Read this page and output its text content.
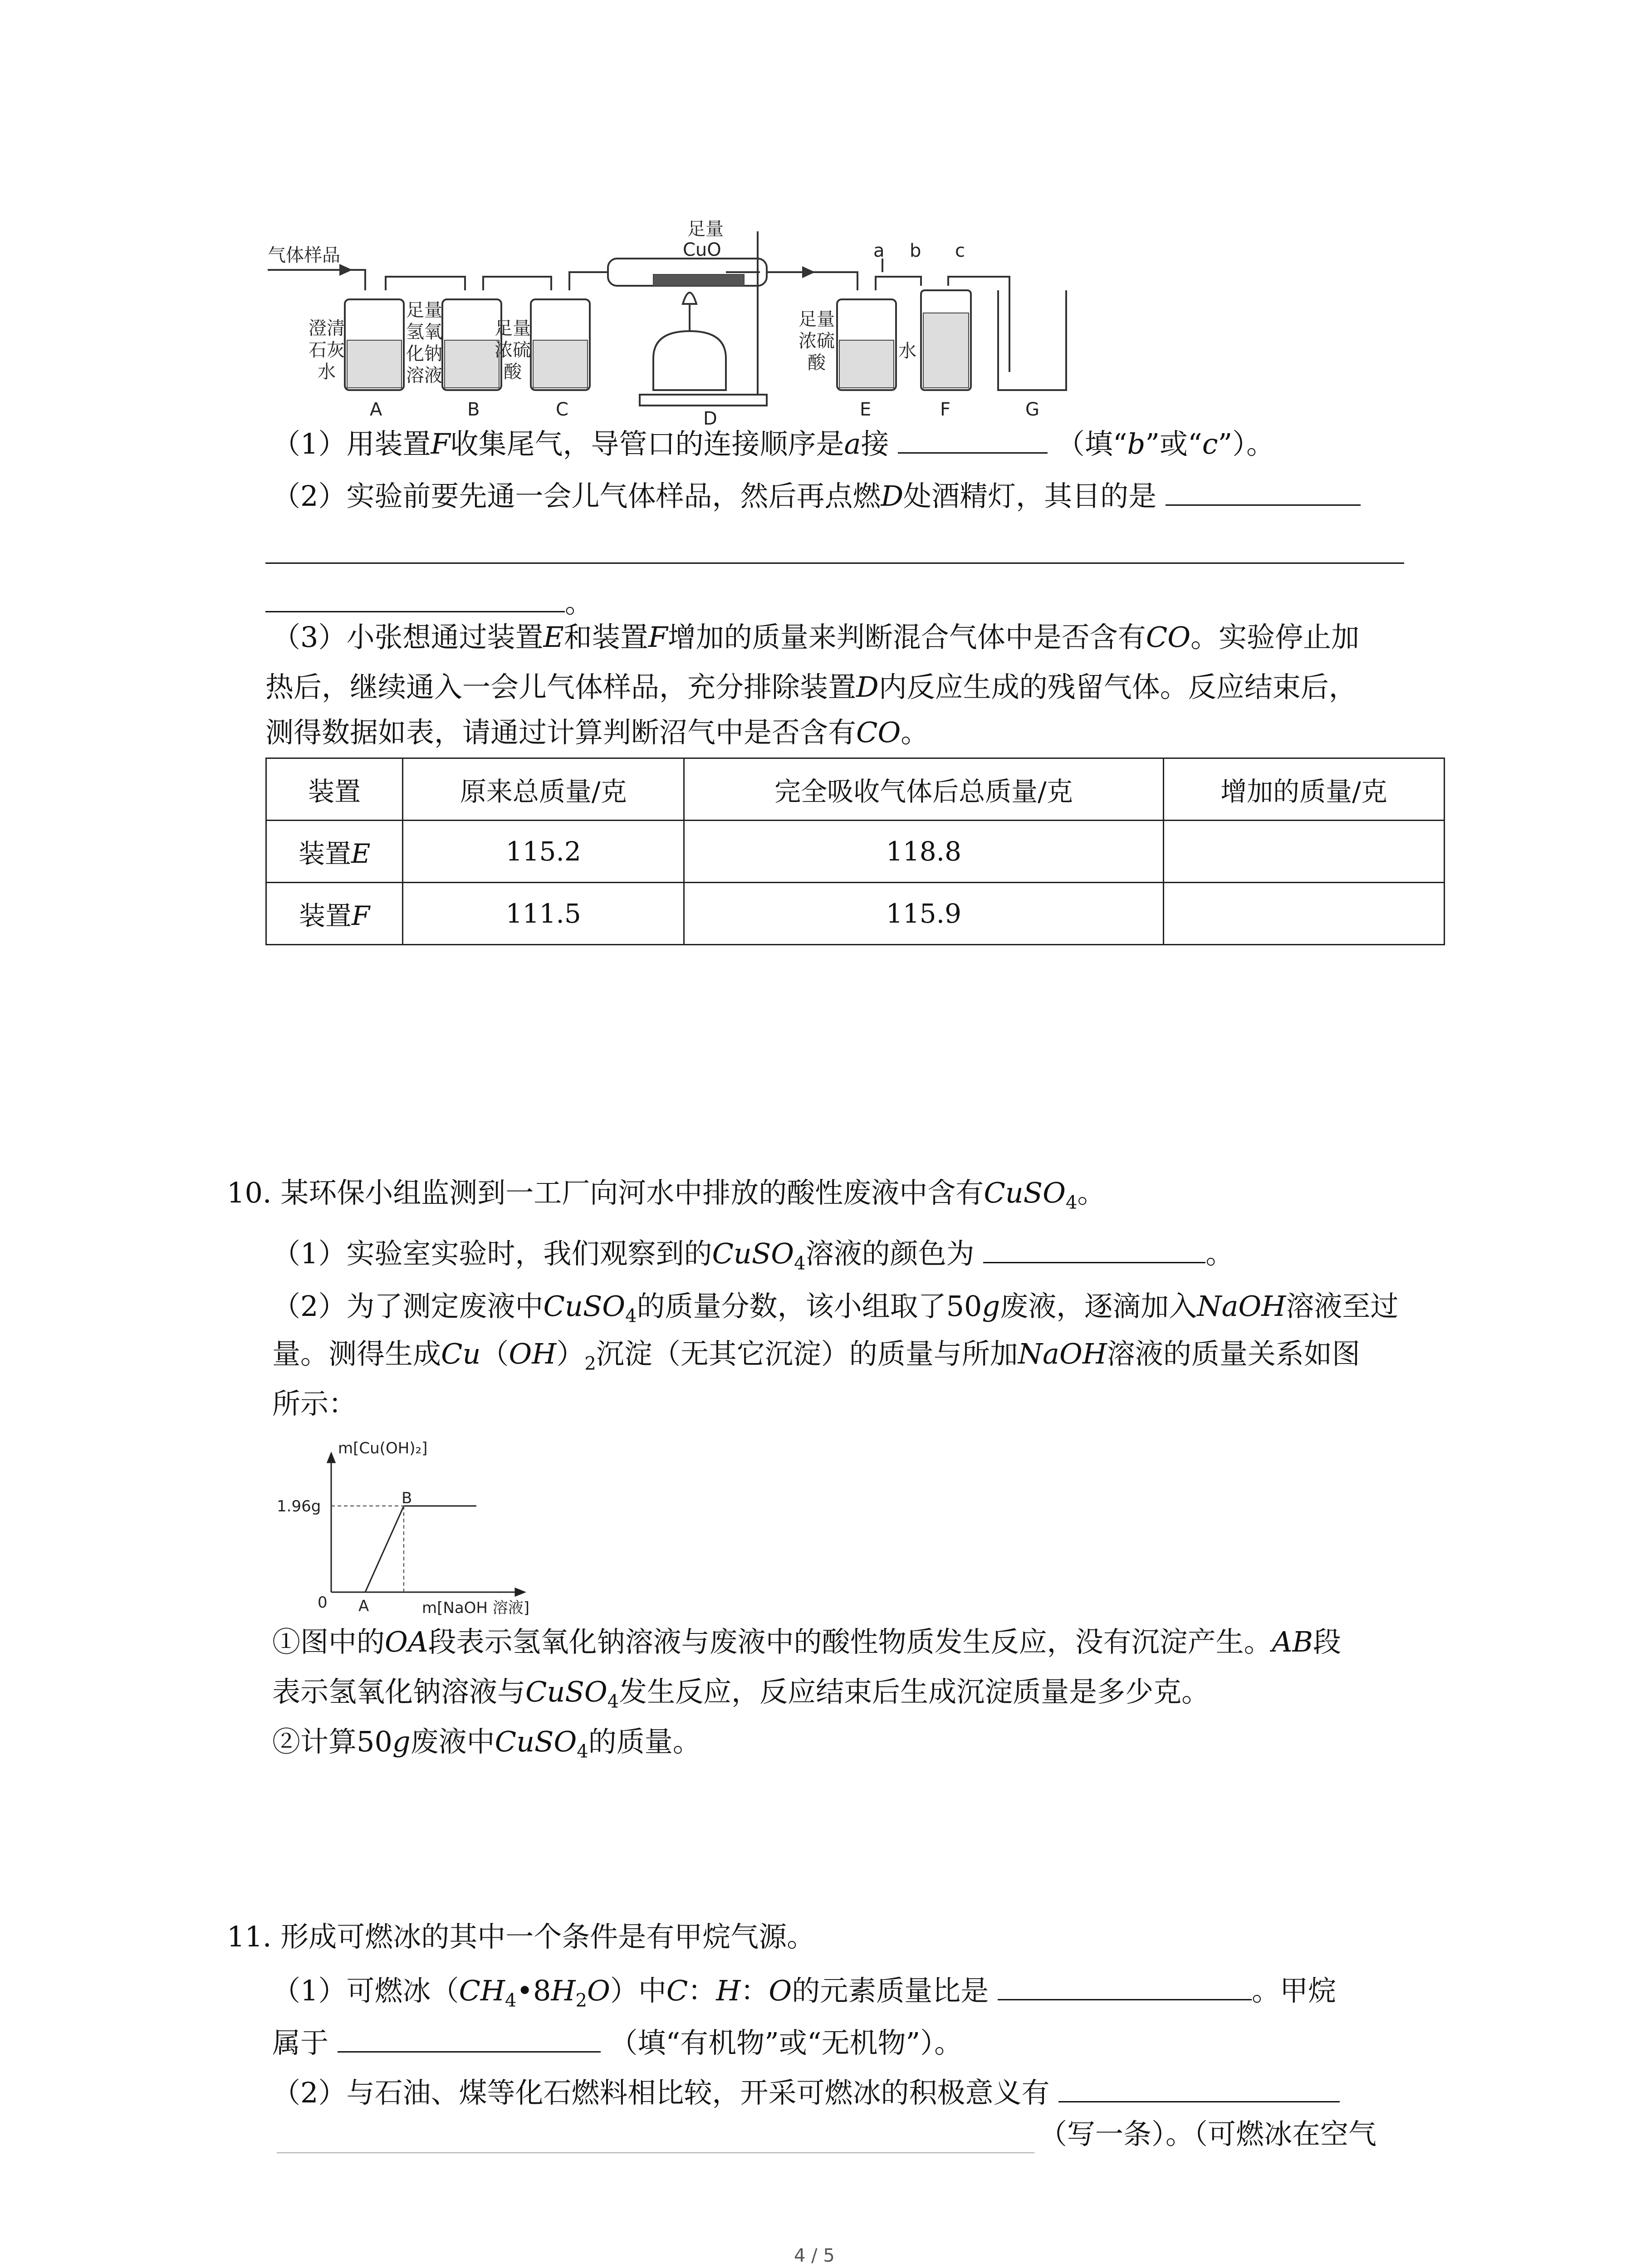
气体样品
足量
CuO	a b c
澄清
石灰
水
足量
氢氧
化钠
溶液
足量
浓硫
酸
足量
浓硫
酸
水
A	B	C	D	E	F	G
（1）用装置F收集尾气，导管口的连接顺序是a接	（填“b”或“c”）。
（2）实验前要先通一会儿气体样品，然后再点燃D处酒精灯，其目的是
。
（3）小张想通过装置E和装置F增加的质量来判断混合气体中是否含有CO。实验停止加
热后，继续通入一会儿气体样品，充分排除装置D内反应生成的残留气体。反应结束后，
测得数据如表，请通过计算判断沼气中是否含有CO。
装置	原来总质量/克	完全吸收气体后总质量/克	增加的质量/克
装置E	115.2	118.8	
装置F	111.5	115.9	
10. 某环保小组监测到一工厂向河水中排放的酸性废液中含有CuSO$_4$。
（1）实验室实验时，我们观察到的CuSO$_4$溶液的颜色为	。
（2）为了测定废液中CuSO$_4$的质量分数，该小组取了50g废液，逐滴加入NaOH溶液至过
量。测得生成$Cu(OH)_2$沉淀（无其它沉淀）的质量与所加NaOH溶液的质量关系如图
所示：
m[Cu(OH)₂]
1.96g
0 A
B
m[NaOH 溶液]
①图中的OA段表示氢氧化钠溶液与废液中的酸性物质发生反应，没有沉淀产生。AB段
表示氢氧化钠溶液与CuSO$_4$发生反应，反应结束后生成沉淀质量是多少克。
②计算50g废液中CuSO$_4$的质量。
11. 形成可燃冰的其中一个条件是有甲烷气源。
（1）可燃冰$(CH_4•8H_2O)$中C：H：O的元素质量比是	。甲烷
属于	（填“有机物”或“无机物”）。
（2）与石油、煤等化石燃料相比较，开采可燃冰的积极意义有
（写一条）。（可燃冰在空气
4 / 5
